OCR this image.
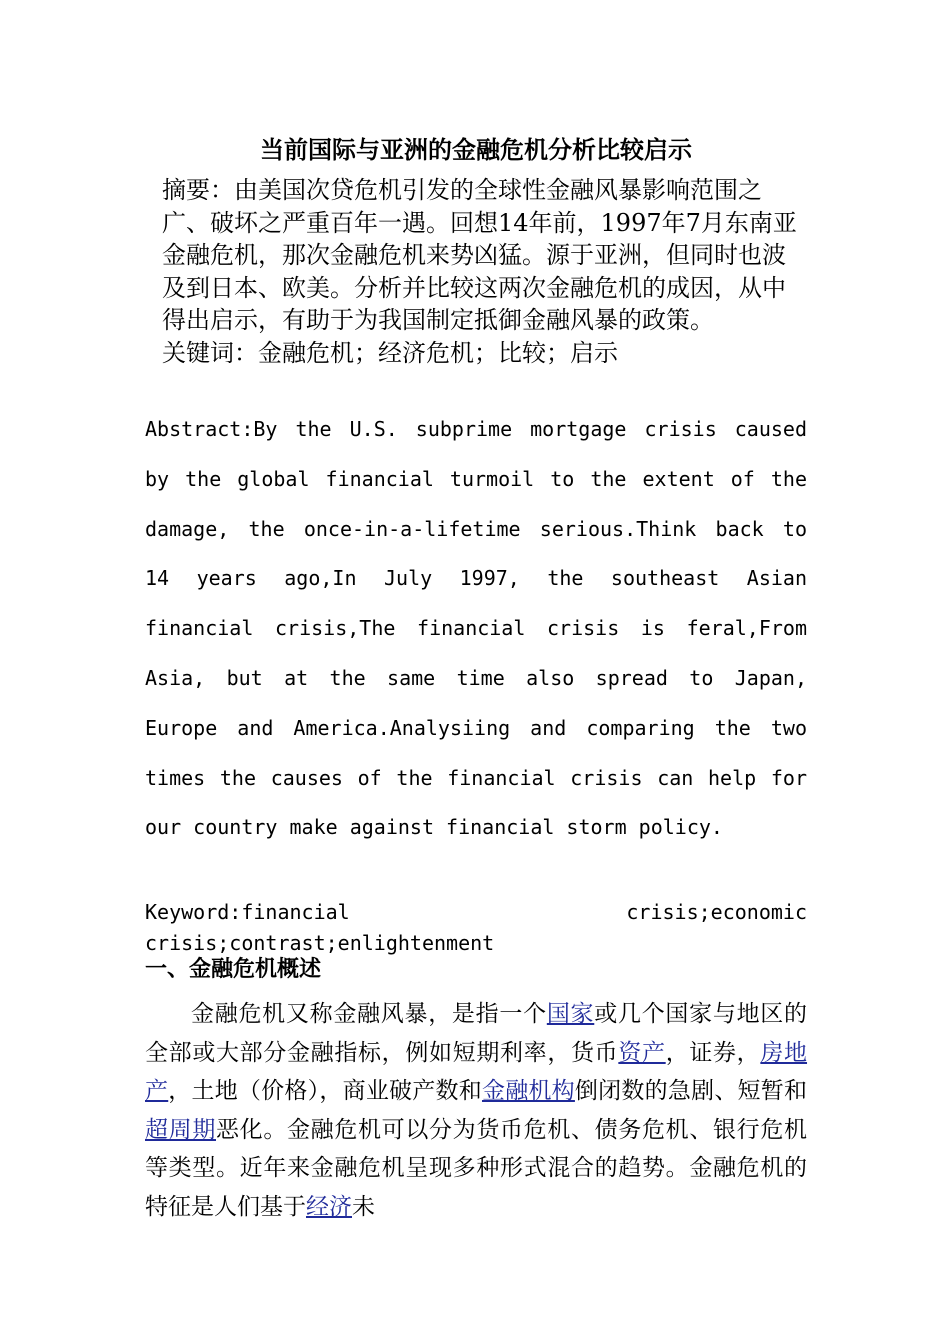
当前国际与亚洲的金融危机分析比较启示

摘要：由美国次贷危机引发的全球性金融风暴影响范围之广、破坏之严重百年一遇。回想14年前，1997年7月东南亚金融危机，那次金融危机来势凶猛。源于亚洲，但同时也波及到日本、欧美。分析并比较这两次金融危机的成因，从中得出启示，有助于为我国制定抵御金融风暴的政策。

关键词：金融危机；经济危机；比较；启示

Abstract:By the U.S. subprime mortgage crisis caused by the global financial turmoil to the extent of the damage, the once-in-a-lifetime serious.Think back to 14 years ago,In July 1997, the southeast Asian financial crisis,The financial crisis is feral,From Asia, but at the same time also spread to Japan, Europe and America.Analysiing and comparing the two times the causes of the financial crisis can help for our country make against financial storm policy.

Keyword:financial crisis;economic crisis;contrast;enlightenment

一、金融危机概述

金融危机又称金融风暴，是指一个国家或几个国家与地区的全部或大部分金融指标，例如短期利率，货币资产，证券，房地产，土地（价格），商业破产数和金融机构倒闭数的急剧、短暂和超周期恶化。金融危机可以分为货币危机、债务危机、银行危机等类型。近年来金融危机呈现多种形式混合的趋势。金融危机的特征是人们基于经济未
